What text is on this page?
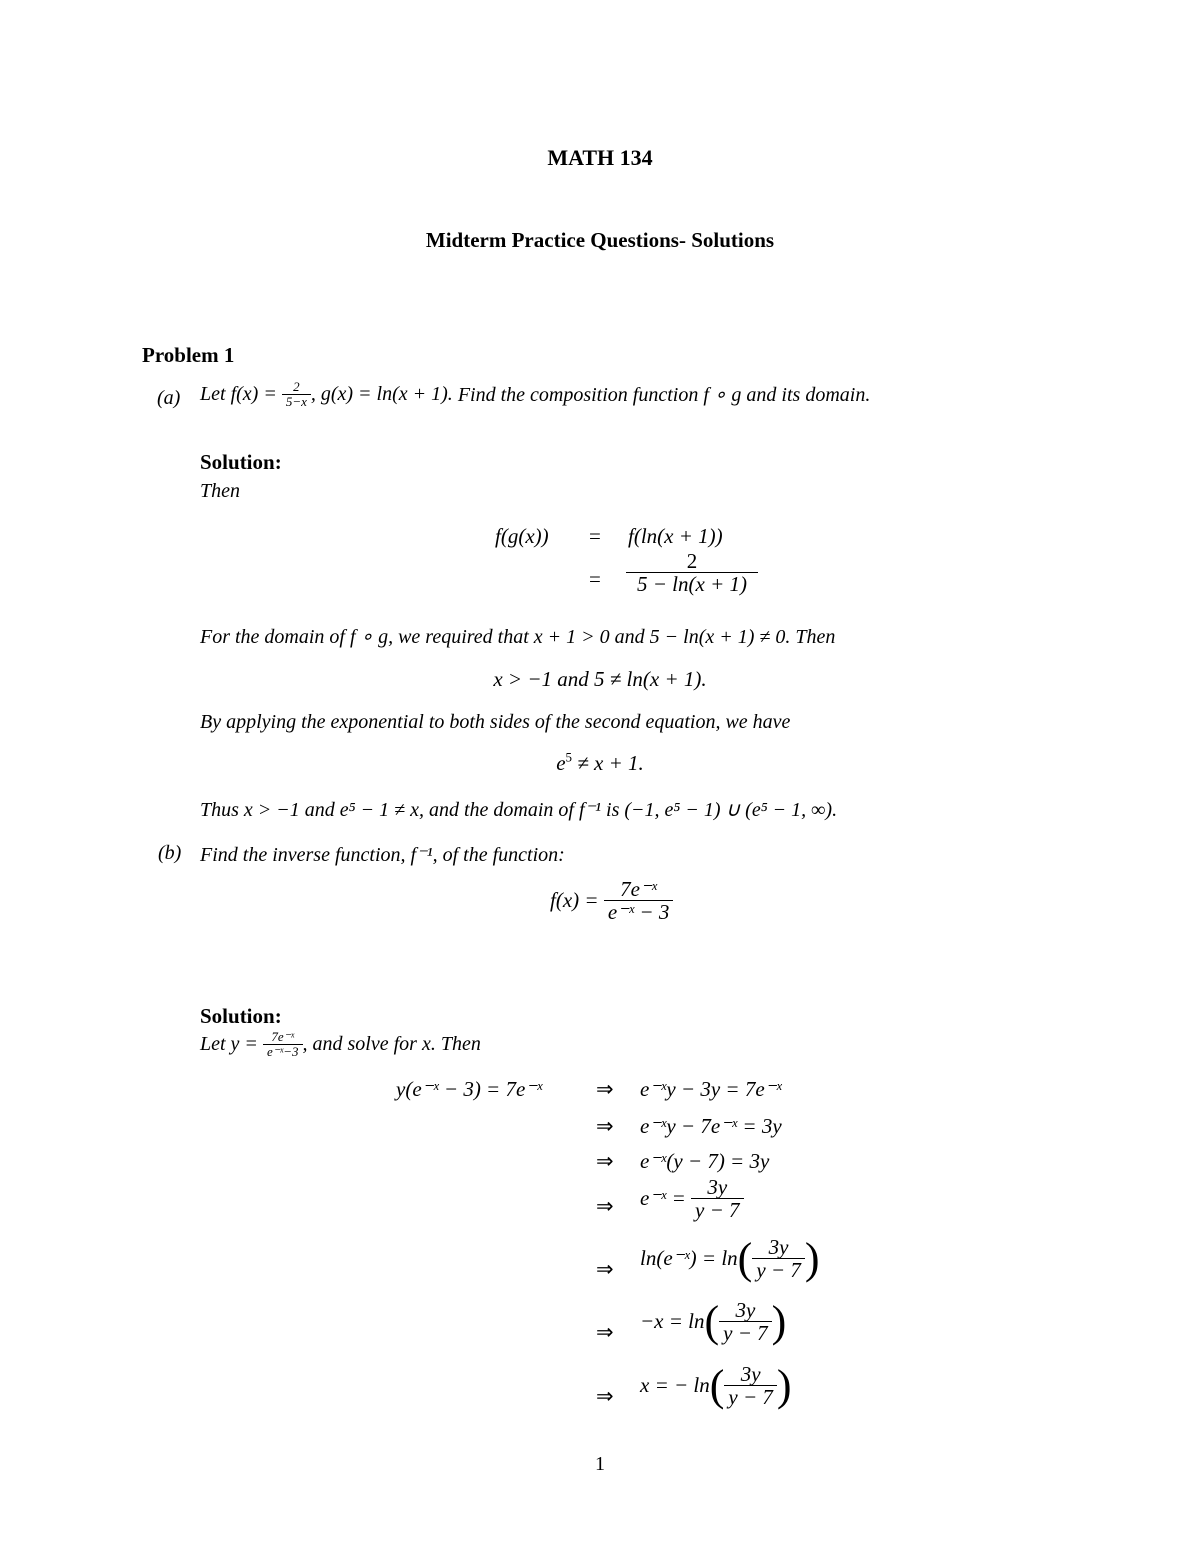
MATH 134
Midterm Practice Questions- Solutions
Problem 1
(a) Let
f(x) =
$\frac{2}{5-x}$ , g(x) = ln(x + 1).
Find the composition function f ∘ g and its domain.
Solution:
Then
f(g(x)) = f(ln(x + 1))
= $\frac{2}{5 - \ln(x + 1)}$
For the domain of f ∘ g, we required that x + 1 > 0 and 5 − ln(x + 1) ≠ 0. Then
x > −1 and 5 ≠ ln(x + 1).
By applying the exponential to both sides of the second equation, we have
$e^5 \ne x + 1$.
Thus x > −1 and e⁵ − 1 ≠ x, and the domain of f⁻¹ is (−1, e⁵ − 1) ∪ (e⁵ − 1, ∞).
(b) Find the inverse function, f⁻¹, of the function:
f(x) =
$\frac{\text{7e⁻ˣ}}{\text{e⁻ˣ − 3}}$
Solution:
Let y =
$\frac{\text{7e⁻ˣ}}{\text{e⁻ˣ−3}}$ , and solve for x. Then
y(e⁻ˣ − 3) = 7e⁻ˣ	⇒ e⁻ˣy − 3y = 7e⁻ˣ
⇒ e⁻ˣy − 7e⁻ˣ = 3y
⇒ e⁻ˣ(y − 7) = 3y
⇒ e⁻ˣ =
$\frac{3y}{y - 7}$
⇒ ln(e⁻ˣ) = ln ( $\frac{3y}{y - 7}$ )
⇒ −x = ln ( $\frac{3y}{y - 7}$ )
⇒ x = − ln ( $\frac{3y}{y - 7}$ )
1
